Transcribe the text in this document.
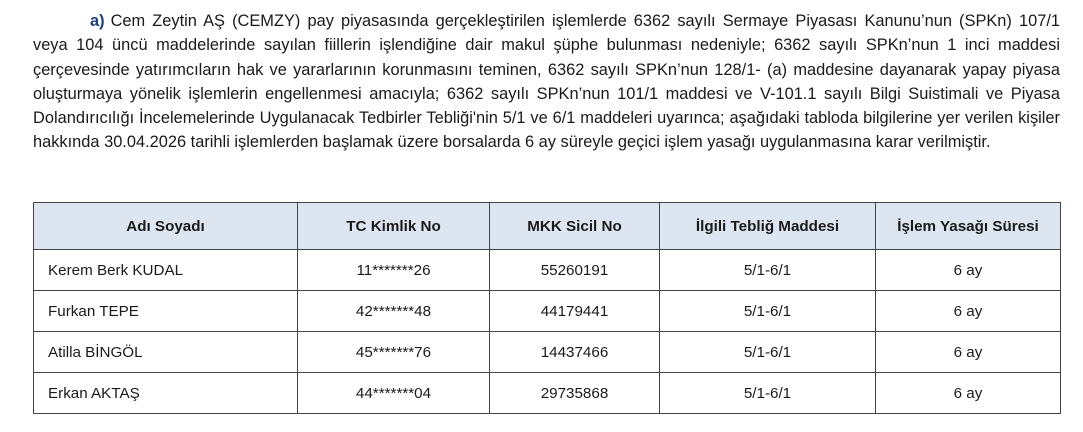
a) Cem Zeytin AŞ (CEMZY) pay piyasasında gerçekleştirilen işlemlerde 6362 sayılı Sermaye Piyasası Kanunu’nun (SPKn) 107/1 veya 104 üncü maddelerinde sayılan fiillerin işlendiğine dair makul şüphe bulunması nedeniyle; 6362 sayılı SPKn’nun 1 inci maddesi çerçevesinde yatırımcıların hak ve yararlarının korunmasını teminen, 6362 sayılı SPKn’nun 128/1- (a) maddesine dayanarak yapay piyasa oluşturmaya yönelik işlemlerin engellenmesi amacıyla; 6362 sayılı SPKn’nun 101/1 maddesi ve V-101.1 sayılı Bilgi Suistimali ve Piyasa Dolandırıcılığı İncelemelerinde Uygulanacak Tedbirler Tebliği'nin 5/1 ve 6/1 maddeleri uyarınca; aşağıdaki tabloda bilgilerine yer verilen kişiler hakkında 30.04.2026 tarihli işlemlerden başlamak üzere borsalarda 6 ay süreyle geçici işlem yasağı uygulanmasına karar verilmiştir.

Adı Soyadı	TC Kimlik No	MKK Sicil No	İlgili Tebliğ Maddesi	İşlem Yasağı Süresi
Kerem Berk KUDAL	11*******26	55260191	5/1-6/1	6 ay
Furkan TEPE	42*******48	44179441	5/1-6/1	6 ay
Atilla BİNGÖL	45*******76	14437466	5/1-6/1	6 ay
Erkan AKTAŞ	44*******04	29735868	5/1-6/1	6 ay
